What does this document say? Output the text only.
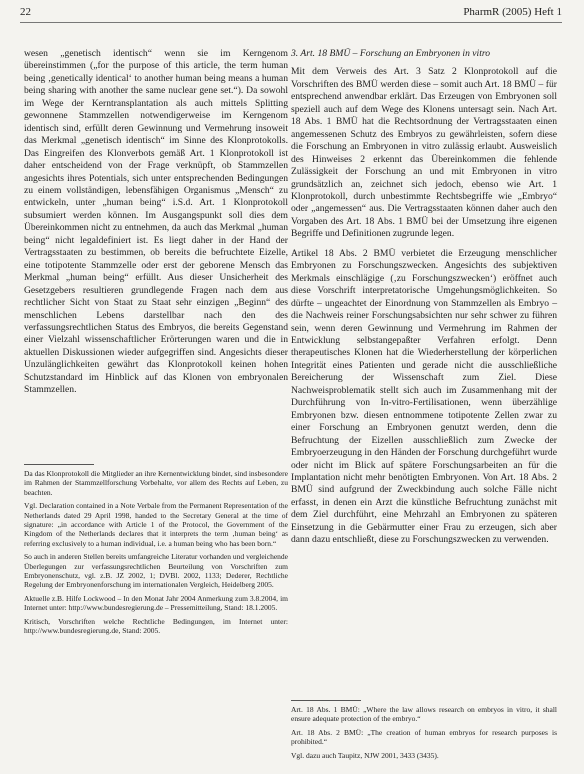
22	PharmR (2005) Heft 1

wesen „genetisch identisch“ wenn sie im Kerngenom übereinstimmen („for the purpose of this article, the term human being ‚genetically identical‘ to another human being means a human being sharing with another the same nuclear gene set.“). Da sowohl im Wege der Kerntransplantation als auch mittels Splitting gewonnene Stammzellen notwendigerweise im Kerngenom identisch sind, erfüllt deren Gewinnung und Vermehrung insoweit das Merkmal „genetisch identisch“ im Sinne des Klonprotokolls. Das Eingreifen des Klonverbots gemäß Art. 1 Klonprotokoll ist daher entscheidend von der Frage verknüpft, ob Stammzellen angesichts ihres Potentials, sich unter entsprechenden Bedingungen zu einem vollständigen, lebensfähigen Organismus „Mensch“ zu entwickeln, unter „human being“ i.S.d. Art. 1 Klonprotokoll subsumiert werden können. Im Ausgangspunkt soll dies dem Übereinkommen nicht zu entnehmen, da auch das Merkmal „human being“ nicht legaldefiniert ist. Es liegt daher in der Hand der Vertragsstaaten zu bestimmen, ob bereits die befruchtete Eizelle, eine totipotente Stammzelle oder erst der geborene Mensch das Merkmal „human being“ erfüllt. Aus dieser Unsicherheit des Gesetzgebers resultieren grundlegende Fragen nach dem aus rechtlicher Sicht von Staat zu Staat sehr einzigen „Beginn“ des menschlichen Lebens darstellbar nach den des verfassungsrechtlichen Status des Embryos, die bereits Gegenstand einer Vielzahl wissenschaftlicher Erörterungen waren und die in aktuellen Diskussionen wieder aufgegriffen sind. Angesichts dieser Unzulänglichkeiten gewährt das Klonprotokoll keinen hohen Schutzstandard im Hinblick auf das Klonen von embryonalen Stammzellen.

Da das Klonprotokoll die Mitglieder an ihre Kernentwicklung bindet, sind insbesondere im Rahmen der Stammzellforschung Vorbehalte, vor allem des Rechts auf Leben, zu beachten.

Vgl. Declaration contained in a Note Verbale from the Permanent Representation of the Netherlands dated 29 April 1998, handed to the Secretary General at the time of signature: „in accordance with Article 1 of the Protocol, the Government of the Kingdom of the Netherlands declares that it interprets the term ‚human being‘ as referring exclusively to a human individual, i.e. a human being who has been born.“

So auch in anderen Stellen bereits umfangreiche Literatur vorhanden und vergleichende Überlegungen zur verfassungsrechtlichen Beurteilung von Vorschriften zum Embryonenschutz, vgl. z.B. JZ 2002, 1; DVBl. 2002, 1133; Dederer, Rechtliche Regelung der Embryonenforschung im internationalen Vergleich, Heidelberg 2005.

Aktuelle z.B. Hilfe Lockwood – In den Monat Jahr 2004 Anmerkung zum 3.8.2004, im Internet unter: http://www.bundesregierung.de – Pressemitteilung, Stand: 18.1.2005.

Kritisch, Vorschriften welche Rechtliche Bedingungen, im Internet unter: http://www.bundesregierung.de, Stand: 2005.

3. Art. 18 BMÜ – Forschung an Embryonen in vitro

Mit dem Verweis des Art. 3 Satz 2 Klonprotokoll auf die Vorschriften des BMÜ werden diese – somit auch Art. 18 BMÜ – für entsprechend anwendbar erklärt. Das Erzeugen von Embryonen soll speziell auch auf dem Wege des Klonens untersagt sein. Nach Art. 18 Abs. 1 BMÜ hat die Rechtsordnung der Vertragsstaaten einen angemessenen Schutz des Embryos zu gewährleisten, sofern diese die Forschung an Embryonen in vitro zulässig erlaubt. Ausweislich des Hinweises 2 erkennt das Übereinkommen die fehlende Zulässigkeit der Forschung an und mit Embryonen in vitro grundsätzlich an, zeichnet sich jedoch, ebenso wie Art. 1 Klonprotokoll, durch unbestimmte Rechtsbegriffe wie „Embryo“ oder „angemessen“ aus. Die Vertragsstaaten können daher auch den Vorgaben des Art. 18 Abs. 1 BMÜ bei der Umsetzung ihre eigenen Begriffe und Definitionen zugrunde legen.

Artikel 18 Abs. 2 BMÜ verbietet die Erzeugung menschlicher Embryonen zu Forschungszwecken. Angesichts des subjektiven Merkmals einschlägige (‚zu Forschungszwecken‘) eröffnet auch diese Vorschrift interpretatorische Umgehungsmöglichkeiten. So dürfte – ungeachtet der Einordnung von Stammzellen als Embryo – die Nachweis reiner Forschungsabsichten nur sehr schwer zu führen sein, wenn deren Gewinnung und Vermehrung im Rahmen der Entwicklung selbstangepaßter Verfahren erfolgt. Denn therapeutisches Klonen hat die Wiederherstellung der körperlichen Integrität eines Patienten und gerade nicht die ausschließliche Bereicherung der Wissenschaft zum Ziel. Diese Nachweisproblematik stellt sich auch im Zusammenhang mit der Durchführung von In-vitro-Fertilisationen, wenn überzählige Embryonen bzw. diesen entnommene totipotente Zellen zwar zu einer Forschung an Embryonen genutzt werden, denn die Befruchtung der Eizellen ausschließlich zum Zwecke der Embryoerzeugung in den Händen der Forschung durchgeführt wurde oder nicht im Blick auf spätere Forschungsarbeiten an für die Implantation nicht mehr benötigten Embryonen. Von Art. 18 Abs. 2 BMÜ sind aufgrund der Zweckbindung auch solche Fälle nicht erfasst, in denen ein Arzt die künstliche Befruchtung zunächst mit dem Ziel durchführt, eine Mehrzahl an Embryonen zu späteren Einsetzung in die Gebärmutter einer Frau zu erzeugen, sich aber dann dazu entschließt, diese zu Forschungszwecken zu verwenden.

Art. 18 Abs. 1 BMÜ: „Where the law allows research on embryos in vitro, it shall ensure adequate protection of the embryo.“

Art. 18 Abs. 2 BMÜ: „The creation of human embryos for research purposes is prohibited.“

Vgl. dazu auch Taupitz, NJW 2001, 3433 (3435).
